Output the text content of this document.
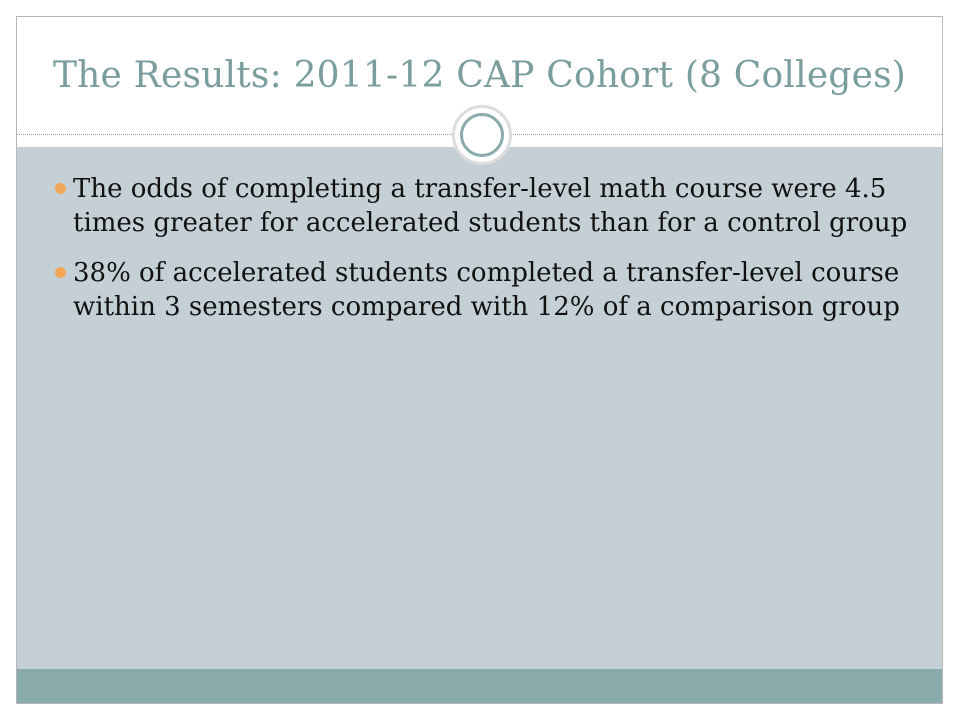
The Results: 2011-12 CAP Cohort (8 Colleges)
The odds of completing a transfer-level math course were 4.5 times greater for accelerated students than for a control group
38% of accelerated students completed a transfer-level course within 3 semesters compared with 12% of a comparison group
